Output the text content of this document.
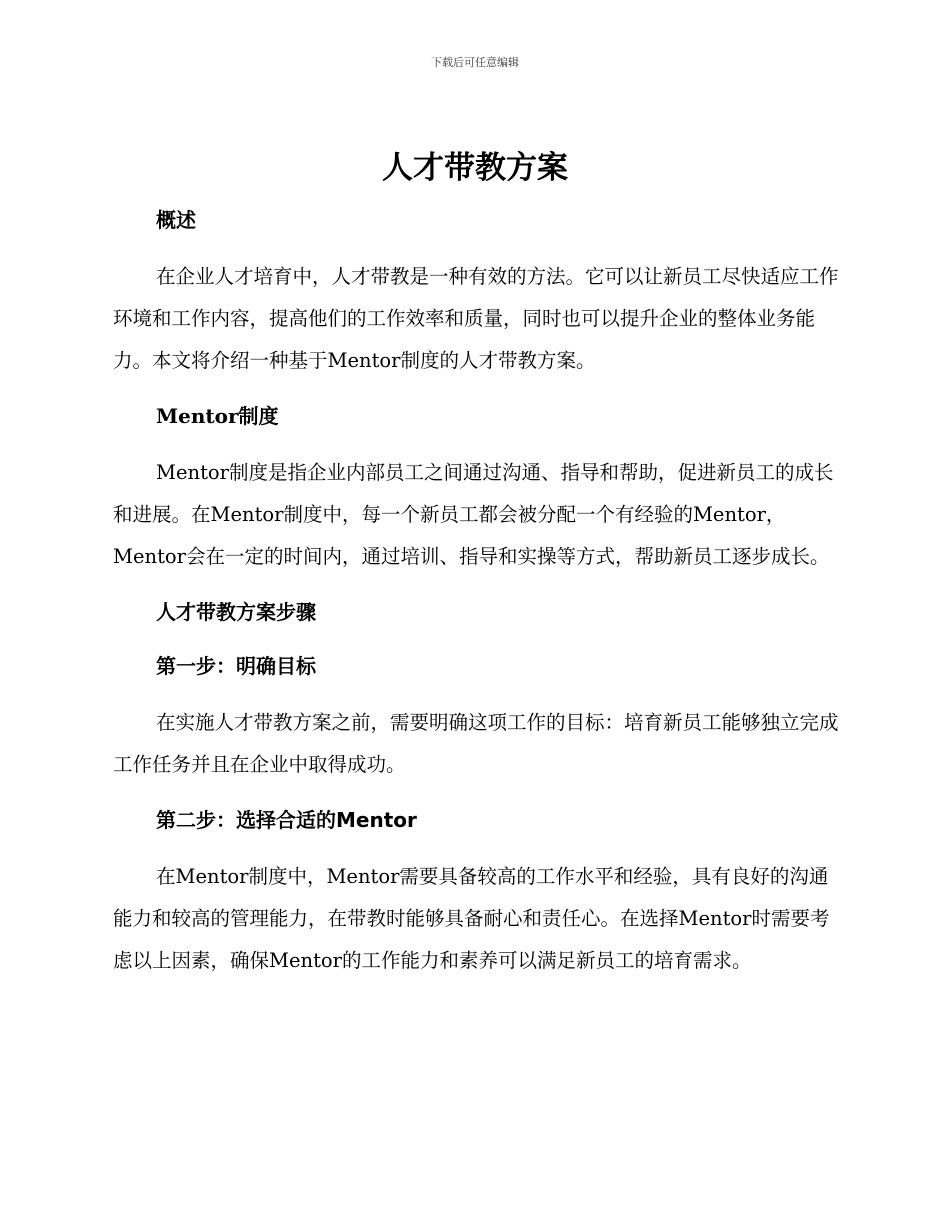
下载后可任意编辑
人才带教方案
概述

在企业人才培育中，人才带教是一种有效的方法。它可以让新员工尽快适应工作环境和工作内容，提高他们的工作效率和质量，同时也可以提升企业的整体业务能力。本文将介绍一种基于Mentor制度的人才带教方案。

Mentor制度

Mentor制度是指企业内部员工之间通过沟通、指导和帮助，促进新员工的成长和进展。在Mentor制度中，每一个新员工都会被分配一个有经验的Mentor，Mentor会在一定的时间内，通过培训、指导和实操等方式，帮助新员工逐步成长。

人才带教方案步骤
第一步：明确目标

在实施人才带教方案之前，需要明确这项工作的目标：培育新员工能够独立完成工作任务并且在企业中取得成功。

第二步：选择合适的Mentor

在Mentor制度中，Mentor需要具备较高的工作水平和经验，具有良好的沟通能力和较高的管理能力，在带教时能够具备耐心和责任心。在选择Mentor时需要考虑以上因素，确保Mentor的工作能力和素养可以满足新员工的培育需求。
